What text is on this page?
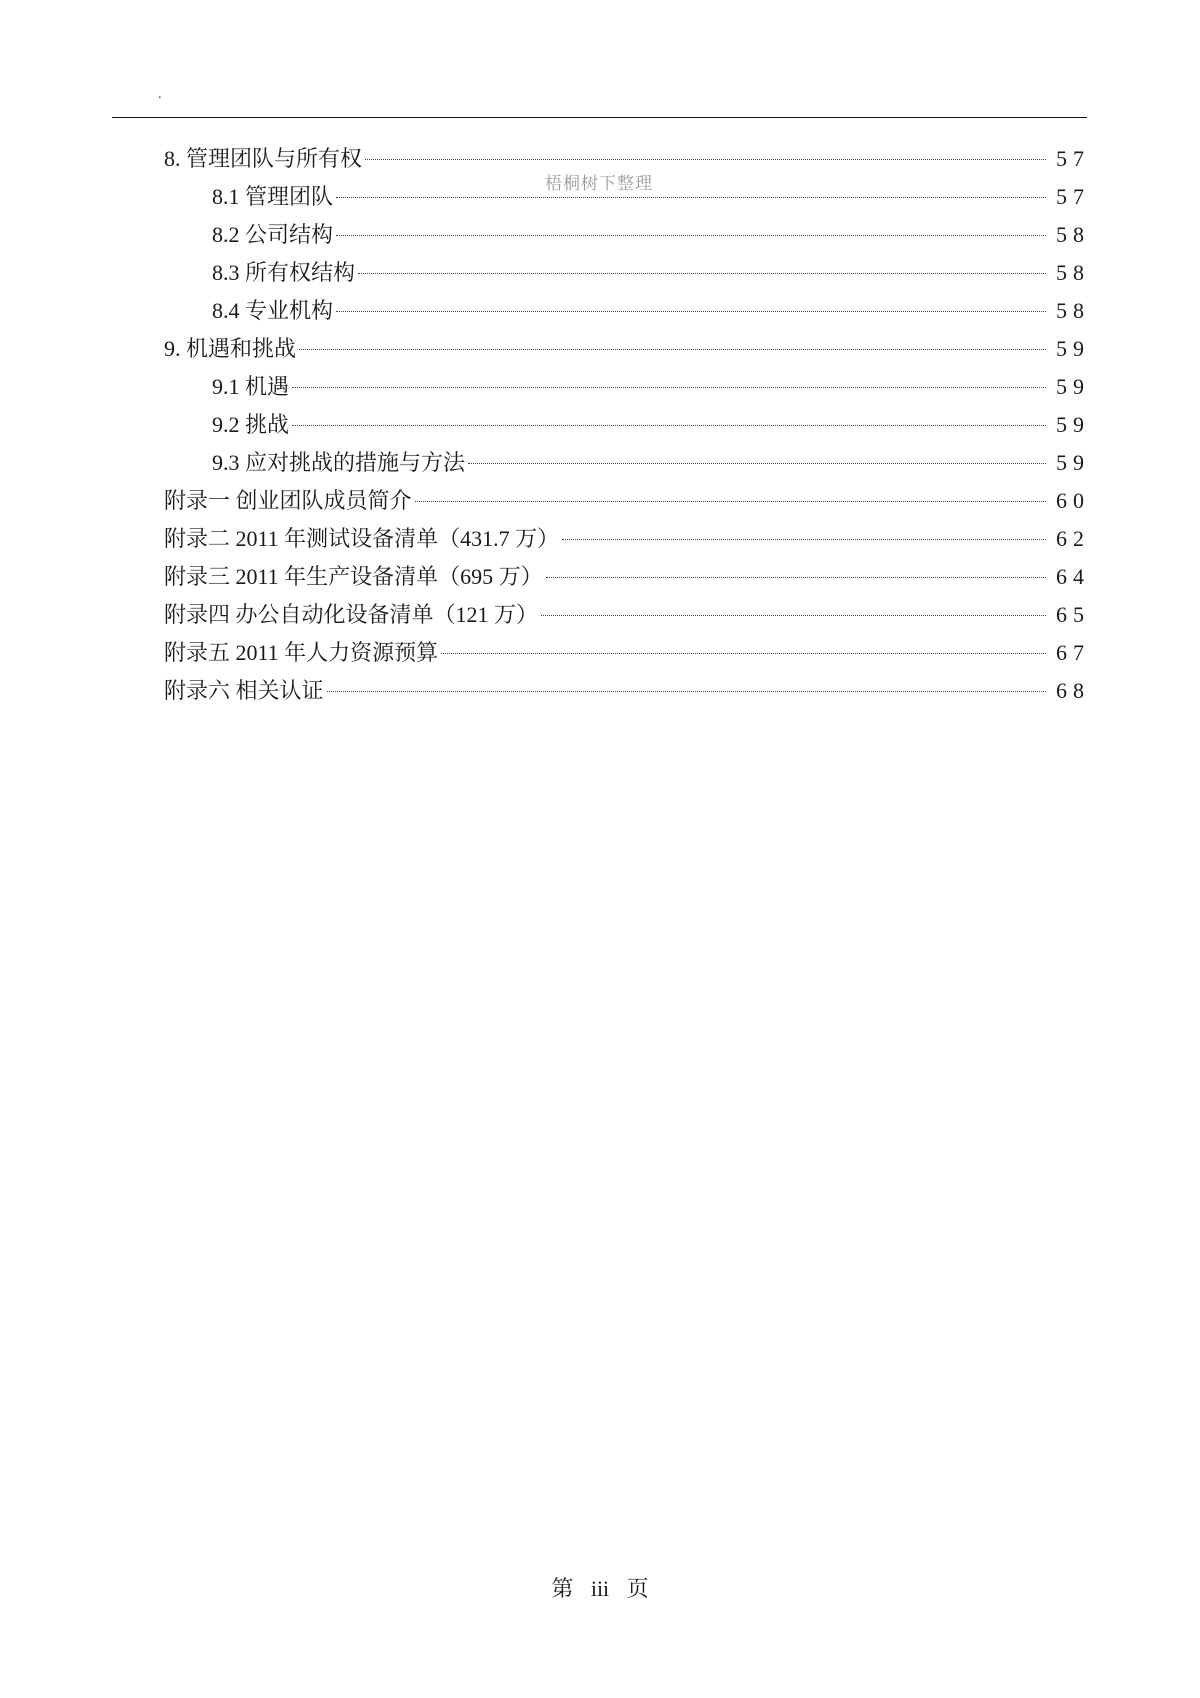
.
梧桐树下整理
8. 管理团队与所有权	57
8.1 管理团队	57
8.2 公司结构	58
8.3 所有权结构	58
8.4 专业机构	58
9. 机遇和挑战	59
9.1 机遇	59
9.2 挑战	59
9.3 应对挑战的措施与方法	59
附录一 创业团队成员简介	60
附录二 2011 年测试设备清单（431.7 万）	62
附录三 2011 年生产设备清单（695 万）	64
附录四 办公自动化设备清单（121 万）	65
附录五 2011 年人力资源预算	67
附录六 相关认证	68
第 iii 页
